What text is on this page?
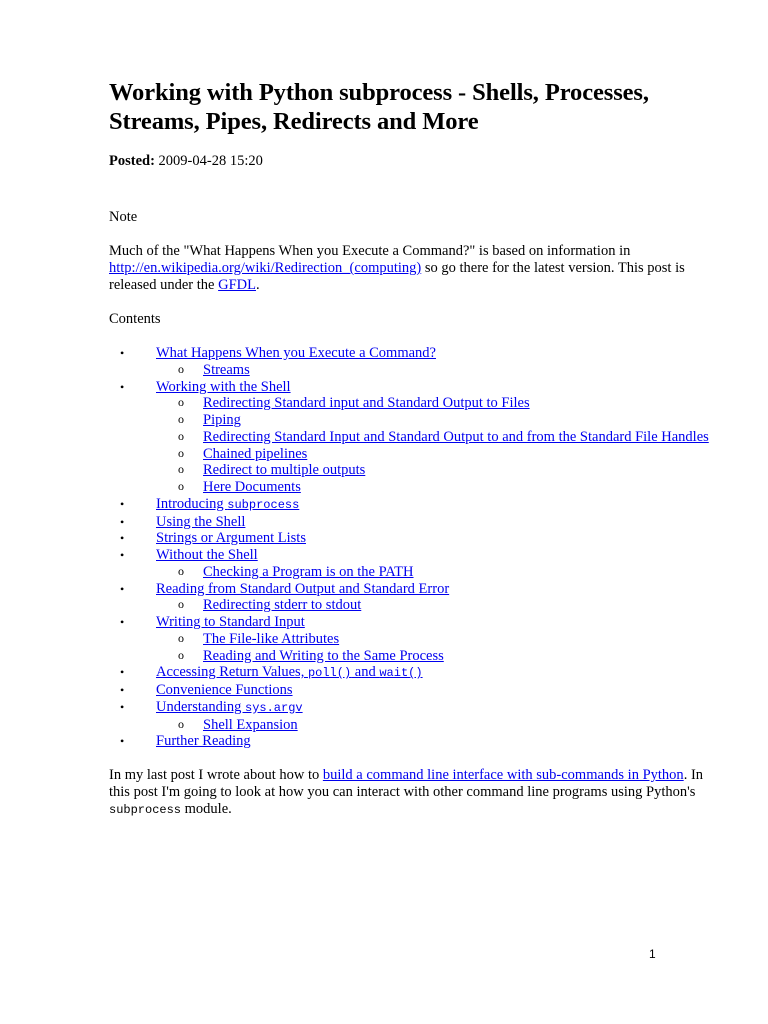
Working with Python subprocess - Shells, Processes, Streams, Pipes, Redirects and More
Posted: 2009-04-28 15:20

Note

Much of the "What Happens When you Execute a Command?" is based on information in http://en.wikipedia.org/wiki/Redirection_(computing) so go there for the latest version. This post is released under the GFDL.

Contents

• What Happens When you Execute a Command?
o Streams
• Working with the Shell
o Redirecting Standard input and Standard Output to Files
o Piping
o Redirecting Standard Input and Standard Output to and from the Standard File Handles
o Chained pipelines
o Redirect to multiple outputs
o Here Documents
• Introducing subprocess
• Using the Shell
• Strings or Argument Lists
• Without the Shell
o Checking a Program is on the PATH
• Reading from Standard Output and Standard Error
o Redirecting stderr to stdout
• Writing to Standard Input
o The File-like Attributes
o Reading and Writing to the Same Process
• Accessing Return Values, poll() and wait()
• Convenience Functions
• Understanding sys.argv
o Shell Expansion
• Further Reading

In my last post I wrote about how to build a command line interface with sub-commands in Python. In this post I'm going to look at how you can interact with other command line programs using Python's subprocess module.

1
